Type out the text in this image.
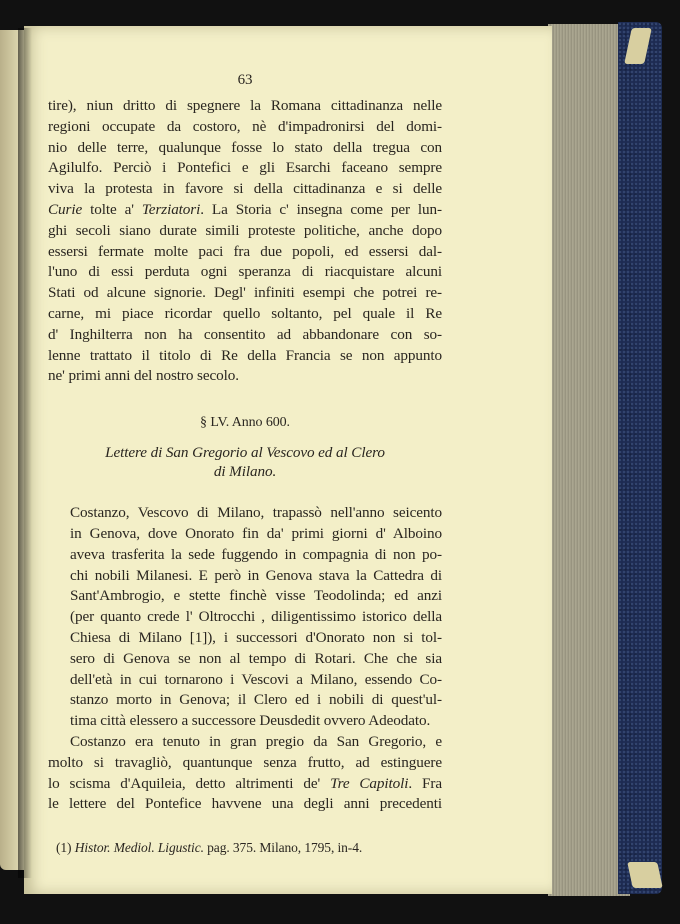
63

tire), niun dritto di spegnere la Romana cittadinanza nelle
regioni occupate da costoro, nè d'impadronirsi del domi-
nio delle terre, qualunque fosse lo stato della tregua con
Agilulfo. Perciò i Pontefici e gli Esarchi faceano sempre
viva la protesta in favore si della cittadinanza e si delle
Curie tolte a' Terziatori. La Storia c' insegna come per lun-
ghi secoli siano durate simili proteste politiche, anche dopo
essersi fermate molte paci fra due popoli, ed essersi dal-
l'uno di essi perduta ogni speranza di riacquistare alcuni
Stati od alcune signorie. Degl' infiniti esempi che potrei re-
carne, mi piace ricordar quello soltanto, pel quale il Re
d' Inghilterra non ha consentito ad abbandonare con so-
lenne trattato il titolo di Re della Francia se non appunto
ne' primi anni del nostro secolo.

§ LV. Anno 600.
Lettere di San Gregorio al Vescovo ed al Clero
di Milano.

Costanzo, Vescovo di Milano, trapassò nell'anno seicento
in Genova, dove Onorato fin da' primi giorni d' Alboino
aveva trasferita la sede fuggendo in compagnia di non po-
chi nobili Milanesi. E però in Genova stava la Cattedra di
Sant'Ambrogio, e stette finchè visse Teodolinda; ed anzi
(per quanto crede l' Oltrocchi , diligentissimo istorico della
Chiesa di Milano [1]), i successori d'Onorato non si tol-
sero di Genova se non al tempo di Rotari. Che che sia
dell'età in cui tornarono i Vescovi a Milano, essendo Co-
stanzo morto in Genova; il Clero ed i nobili di quest'ul-
tima città elessero a successore Deusdedit ovvero Adeodato.

Costanzo era tenuto in gran pregio da San Gregorio, e
molto si travagliò, quantunque senza frutto, ad estinguere
lo scisma d'Aquileia, detto altrimenti de' Tre Capitoli. Fra
le lettere del Pontefice havvene una degli anni precedenti

(1) Histor. Mediol. Ligustic. pag. 375. Milano, 1795, in-4.
